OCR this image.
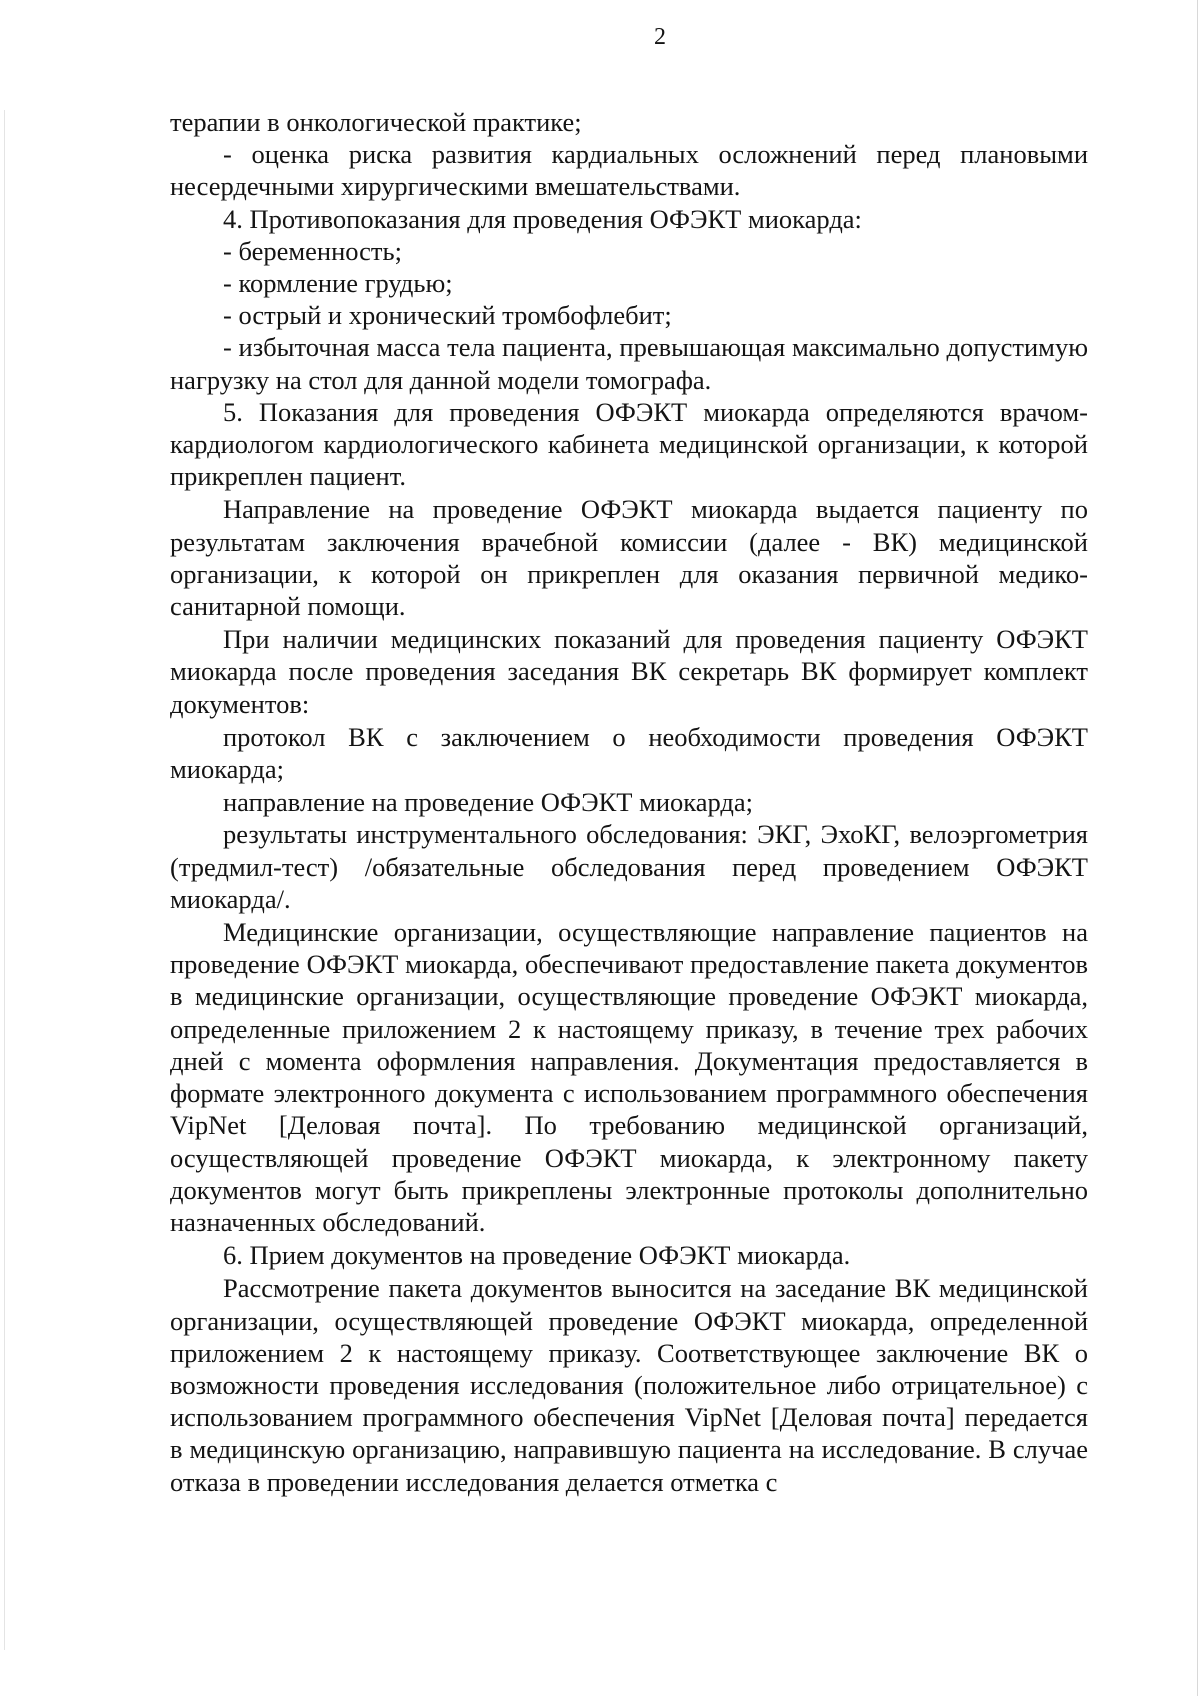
2

терапии в онкологической практике;

- оценка риска развития кардиальных осложнений перед плановыми несердечными хирургическими вмешательствами.

4. Противопоказания для проведения ОФЭКТ миокарда:

- беременность;

- кормление грудью;

- острый и хронический тромбофлебит;

- избыточная масса тела пациента, превышающая максимально допустимую нагрузку на стол для данной модели томографа.

5. Показания для проведения ОФЭКТ миокарда определяются врачом-кардиологом кардиологического кабинета медицинской организации, к которой прикреплен пациент.

Направление на проведение ОФЭКТ миокарда выдается пациенту по результатам заключения врачебной комиссии (далее - ВК) медицинской организации, к которой он прикреплен для оказания первичной медико-санитарной помощи.

При наличии медицинских показаний для проведения пациенту ОФЭКТ миокарда после проведения заседания ВК секретарь ВК формирует комплект документов:

протокол ВК с заключением о необходимости проведения ОФЭКТ миокарда;

направление на проведение ОФЭКТ миокарда;

результаты инструментального обследования: ЭКГ, ЭхоКГ, велоэргометрия (тредмил-тест) /обязательные обследования перед проведением ОФЭКТ миокарда/.

Медицинские организации, осуществляющие направление пациентов на проведение ОФЭКТ миокарда, обеспечивают предоставление пакета документов в медицинские организации, осуществляющие проведение ОФЭКТ миокарда, определенные приложением 2 к настоящему приказу, в течение трех рабочих дней с момента оформления направления. Документация предоставляется в формате электронного документа с использованием программного обеспечения VipNet [Деловая почта]. По требованию медицинской организаций, осуществляющей проведение ОФЭКТ миокарда, к электронному пакету документов могут быть прикреплены электронные протоколы дополнительно назначенных обследований.

6. Прием документов на проведение ОФЭКТ миокарда.

Рассмотрение пакета документов выносится на заседание ВК медицинской организации, осуществляющей проведение ОФЭКТ миокарда, определенной приложением 2 к настоящему приказу. Соответствующее заключение ВК о возможности проведения исследования (положительное либо отрицательное) с использованием программного обеспечения VipNet [Деловая почта] передается в медицинскую организацию, направившую пациента на исследование. В случае отказа в проведении исследования делается отметка с
